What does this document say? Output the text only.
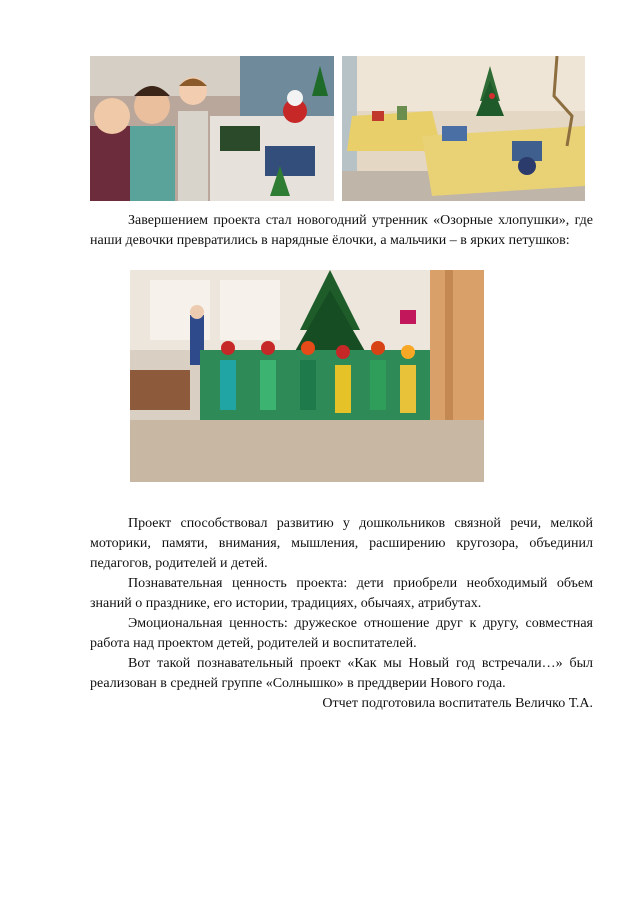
Завершением проекта стал новогодний утренник «Озорные хлопушки», где наши девочки превратились в нарядные ёлочки, а мальчики – в ярких петушков:

Проект способствовал развитию у дошкольников связной речи, мелкой моторики, памяти, внимания, мышления, расширению кругозора, объединил педагогов, родителей и детей.

Познавательная ценность проекта: дети приобрели необходимый объем знаний о празднике, его истории, традициях, обычаях, атрибутах.

Эмоциональная ценность: дружеское отношение друг к другу, совместная работа над проектом детей, родителей и воспитателей.

Вот такой познавательный проект «Как мы Новый год встречали…» был реализован в средней группе «Солнышко» в преддверии Нового года.

Отчет подготовила воспитатель Величко Т.А.
